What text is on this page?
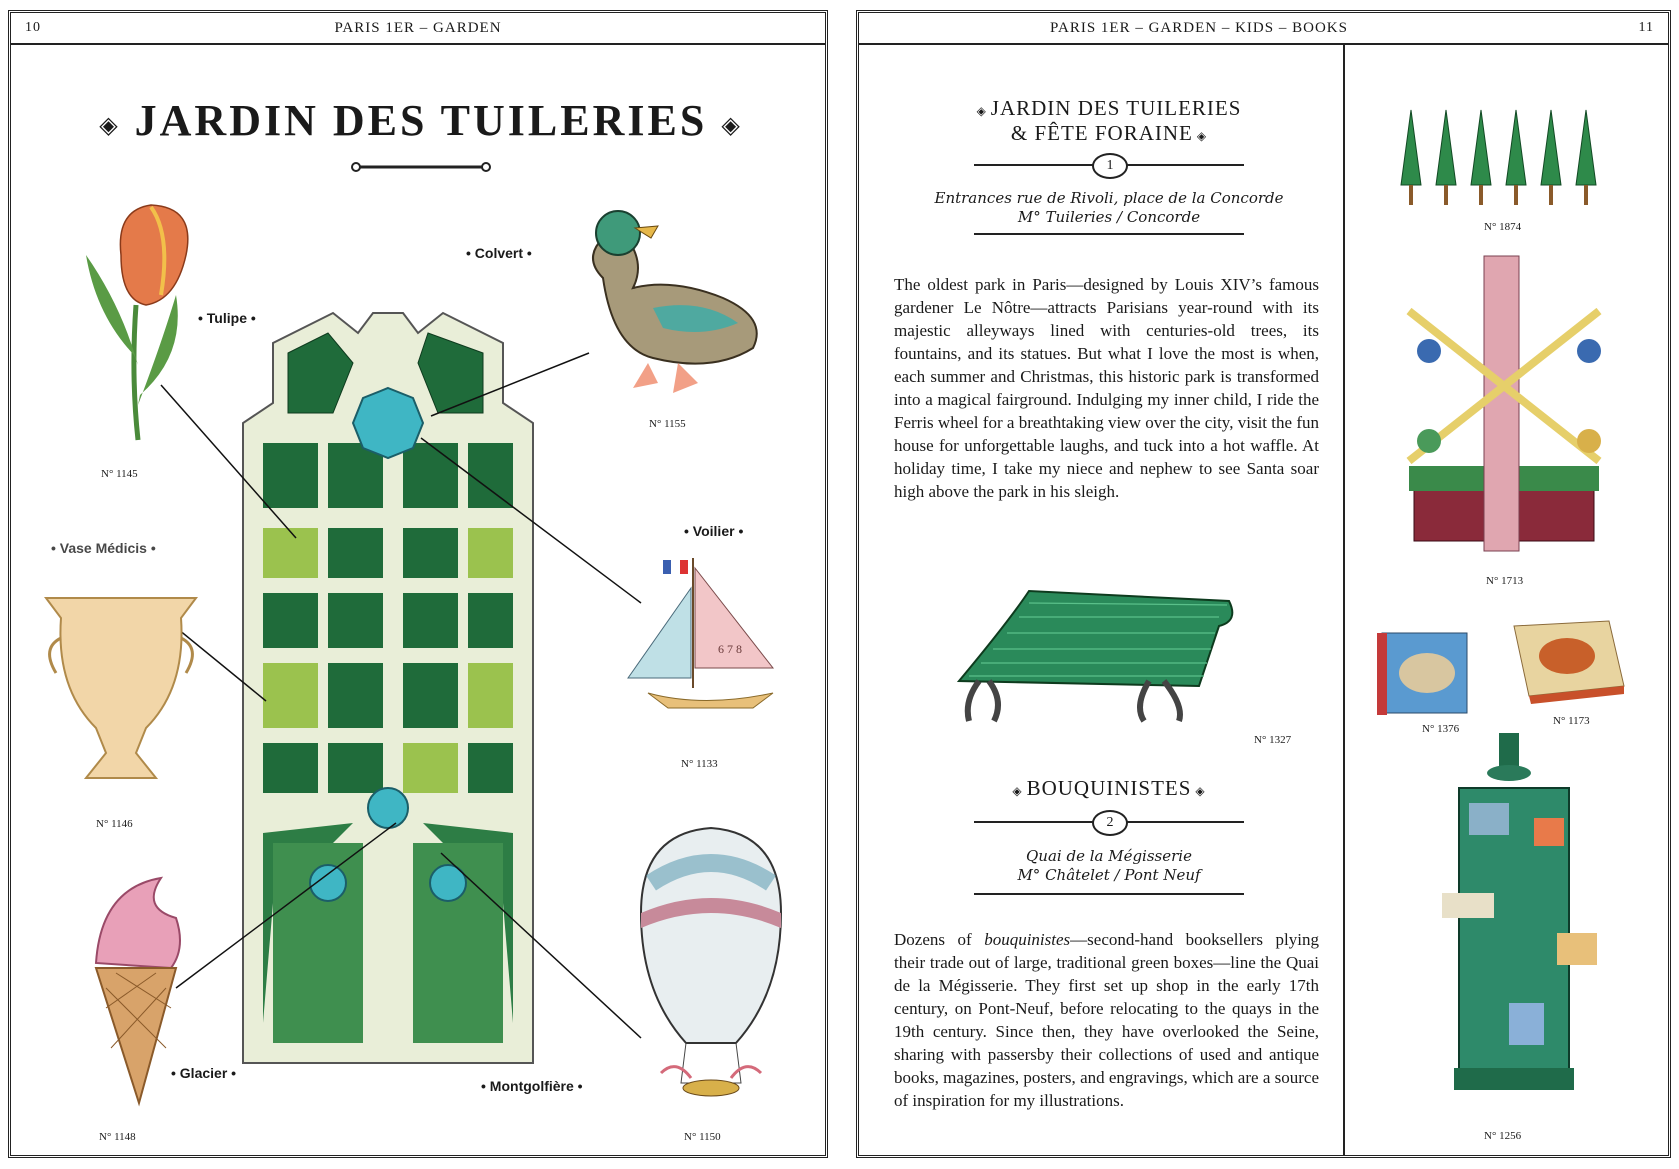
10	PARIS 1ER – GARDEN
◈ JARDIN DES TUILERIES ◈
• Tulipe •
N° 1145
• Colvert •
N° 1155
• Vase Médicis •
N° 1146
6 7 8
• Voilier •
N° 1133
• Glacier •
N° 1148
• Montgolfière •
N° 1150
PARIS 1ER – GARDEN – KIDS – BOOKS	11
◈ JARDIN DES TUILERIES
& FÊTE FORAINE ◈
1
Entrances rue de Rivoli, place de la Concorde
M° Tuileries / Concorde
The oldest park in Paris—designed by Louis XIV’s famous gardener Le Nôtre—attracts Parisians year-round with its majestic alleyways lined with centuries-old trees, its fountains, and its statues. But what I love the most is when, each summer and Christmas, this historic park is transformed into a magical fairground. Indulging my inner child, I ride the Ferris wheel for a breathtaking view over the city, visit the fun house for unforgettable laughs, and tuck into a hot waffle. At holiday time, I take my niece and nephew to see Santa soar high above the park in his sleigh.
N° 1327
◈ BOUQUINISTES ◈
2
Quai de la Mégisserie
M° Châtelet / Pont Neuf
Dozens of bouquinistes—second-hand booksellers plying their trade out of large, traditional green boxes—line the Quai de la Mégisserie. They first set up shop in the early 17th century, on Pont-Neuf, before relocating to the quays in the 19th century. Since then, they have overlooked the Seine, sharing with passersby their collections of used and antique books, magazines, posters, and engravings, which are a source of inspiration for my illustrations.
N° 1874
N° 1713
N° 1376
N° 1173
N° 1256
